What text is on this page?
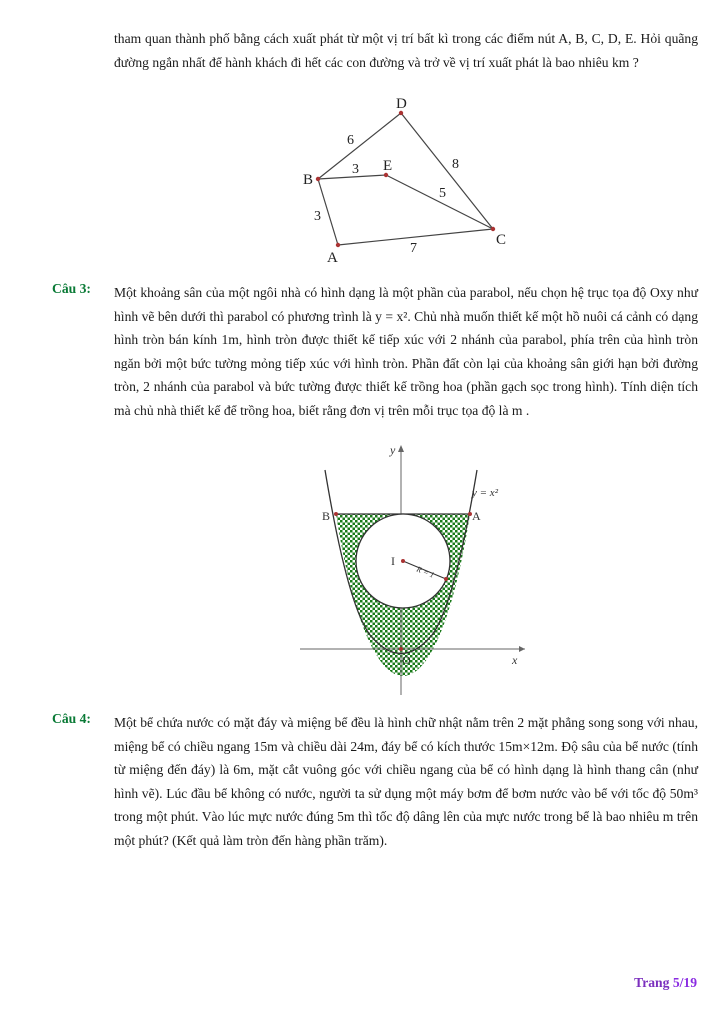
tham quan thành phố bằng cách xuất phát từ một vị trí bất kì trong các điểm nút A, B, C, D, E. Hỏi quãng đường ngắn nhất để hành khách đi hết các con đường và trở về vị trí xuất phát là bao nhiêu km ?
B
D
E
C
A
6
3
3
8
5
7
Câu 3: Một khoảng sân của một ngôi nhà có hình dạng là một phần của parabol, nếu chọn hệ trục tọa độ Oxy như hình vẽ bên dưới thì parabol có phương trình là y = x². Chủ nhà muốn thiết kế một hồ nuôi cá cảnh có dạng hình tròn bán kính 1m, hình tròn được thiết kế tiếp xúc với 2 nhánh của parabol, phía trên của hình tròn ngăn bởi một bức tường mỏng tiếp xúc với hình tròn. Phần đất còn lại của khoảng sân giới hạn bởi đường tròn, 2 nhánh của parabol và bức tường được thiết kế trồng hoa (phần gạch sọc trong hình). Tính diện tích mà chủ nhà thiết kế để trồng hoa, biết rằng đơn vị trên mỗi trục tọa độ là m .
y
x
O
B	A
I
y = x²
R = 1
Câu 4: Một bể chứa nước có mặt đáy và miệng bể đều là hình chữ nhật nằm trên 2 mặt phẳng song song với nhau, miệng bể có chiều ngang 15m và chiều dài 24m, đáy bể có kích thước 15m×12m. Độ sâu của bể nước (tính từ miệng đến đáy) là 6m, mặt cắt vuông góc với chiều ngang của bể có hình dạng là hình thang cân (như hình vẽ). Lúc đầu bể không có nước, người ta sử dụng một máy bơm để bơm nước vào bể với tốc độ 50m³ trong một phút. Vào lúc mực nước đúng 5m thì tốc độ dâng lên của mực nước trong bể là bao nhiêu m trên một phút? (Kết quả làm tròn đến hàng phần trăm).
Trang 5/19
